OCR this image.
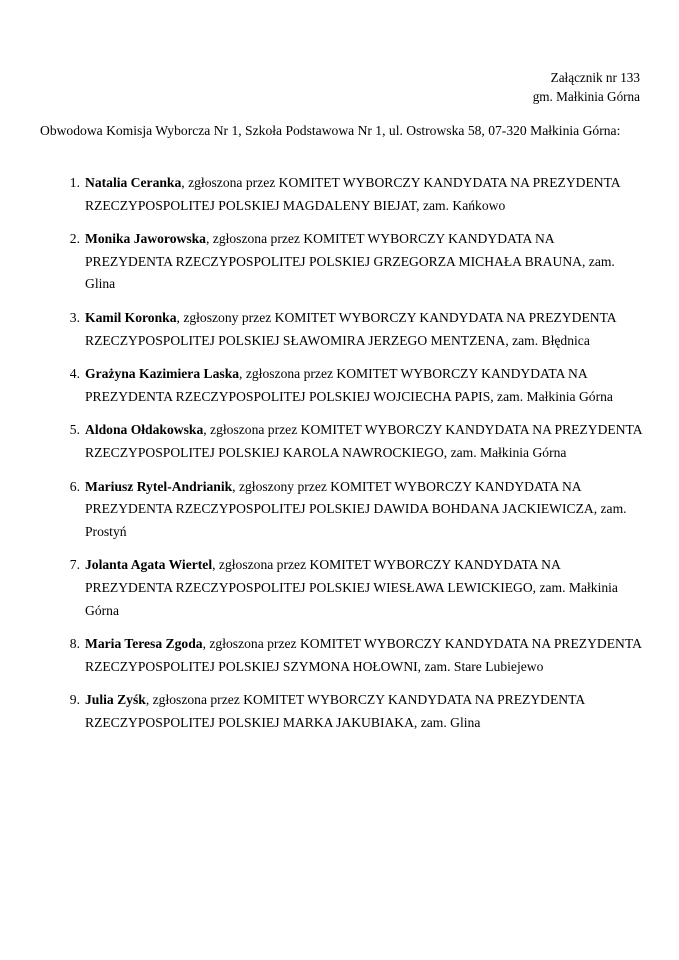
Załącznik nr 133
gm. Małkinia Górna
Obwodowa Komisja Wyborcza Nr 1, Szkoła Podstawowa Nr 1, ul. Ostrowska 58, 07-320 Małkinia Górna:
1. Natalia Ceranka, zgłoszona przez KOMITET WYBORCZY KANDYDATA NA PREZYDENTA RZECZYPOSPOLITEJ POLSKIEJ MAGDALENY BIEJAT, zam. Kańkowo
2. Monika Jaworowska, zgłoszona przez KOMITET WYBORCZY KANDYDATA NA PREZYDENTA RZECZYPOSPOLITEJ POLSKIEJ GRZEGORZA MICHAŁA BRAUNA, zam. Glina
3. Kamil Koronka, zgłoszony przez KOMITET WYBORCZY KANDYDATA NA PREZYDENTA RZECZYPOSPOLITEJ POLSKIEJ SŁAWOMIRA JERZEGO MENTZENA, zam. Błędnica
4. Grażyna Kazimiera Laska, zgłoszona przez KOMITET WYBORCZY KANDYDATA NA PREZYDENTA RZECZYPOSPOLITEJ POLSKIEJ WOJCIECHA PAPIS, zam. Małkinia Górna
5. Aldona Ołdakowska, zgłoszona przez KOMITET WYBORCZY KANDYDATA NA PREZYDENTA RZECZYPOSPOLITEJ POLSKIEJ KAROLA NAWROCKIEGO, zam. Małkinia Górna
6. Mariusz Rytel-Andrianik, zgłoszony przez KOMITET WYBORCZY KANDYDATA NA PREZYDENTA RZECZYPOSPOLITEJ POLSKIEJ DAWIDA BOHDANA JACKIEWICZA, zam. Prostyń
7. Jolanta Agata Wiertel, zgłoszona przez KOMITET WYBORCZY KANDYDATA NA PREZYDENTA RZECZYPOSPOLITEJ POLSKIEJ WIESŁAWA LEWICKIEGO, zam. Małkinia Górna
8. Maria Teresa Zgoda, zgłoszona przez KOMITET WYBORCZY KANDYDATA NA PREZYDENTA RZECZYPOSPOLITEJ POLSKIEJ SZYMONA HOŁOWNI, zam. Stare Lubiejewo
9. Julia Zyśk, zgłoszona przez KOMITET WYBORCZY KANDYDATA NA PREZYDENTA RZECZYPOSPOLITEJ POLSKIEJ MARKA JAKUBIAKA, zam. Glina
